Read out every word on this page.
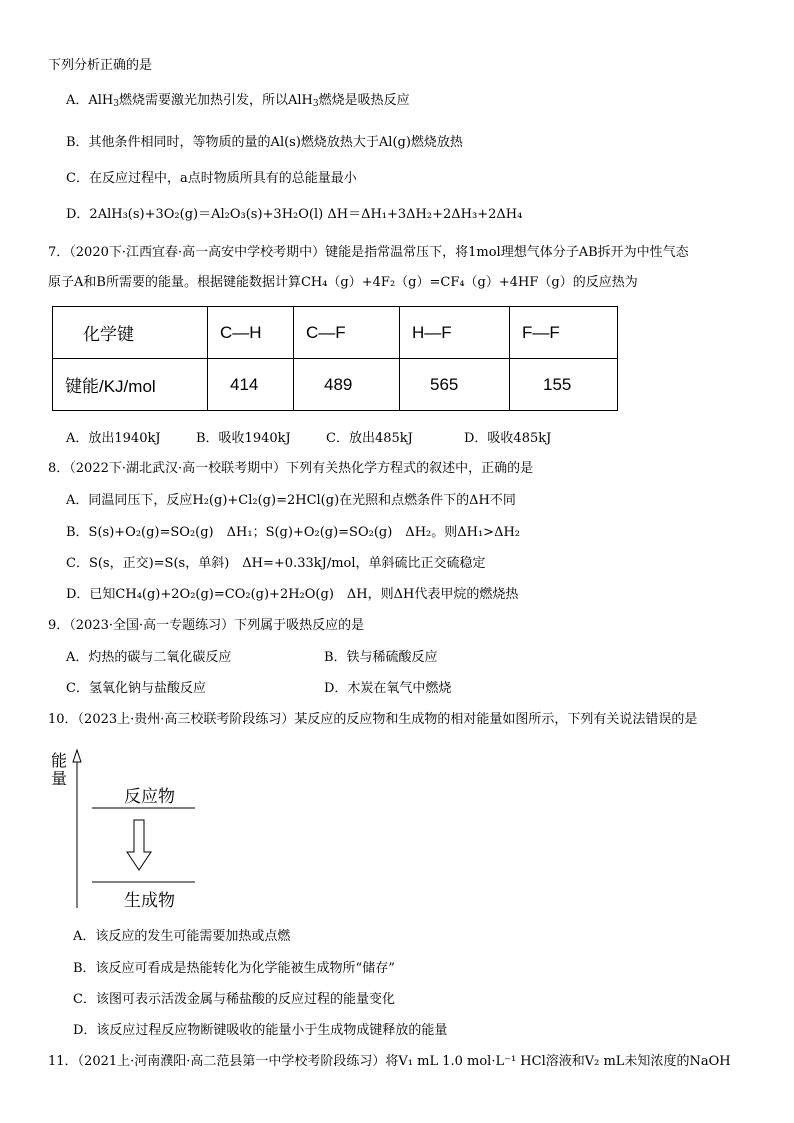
下列分析正确的是
A．AlH$_3$燃烧需要激光加热引发，所以AlH$_3$燃烧是吸热反应
B．其他条件相同时，等物质的量的Al(s)燃烧放热大于Al(g)燃烧放热
C．在反应过程中，a点时物质所具有的总能量最小
D．2AlH₃(s)+3O₂(g)＝Al₂O₃(s)+3H₂O(l) ΔH＝ΔH₁+3ΔH₂+2ΔH₃+2ΔH₄
7．（2020下·江西宜春·高一高安中学校考期中）键能是指常温常压下，将1mol理想气体分子AB拆开为中性气态
原子A和B所需要的能量。根据键能数据计算CH₄（g）+4F₂（g）=CF₄（g）+4HF（g）的反应热为
化学键	C—H	C—F	H—F	F—F
键能/KJ/mol	414	489	565	155
A．放出1940kJ	B．吸收1940kJ	C．放出485kJ	D．吸收485kJ
8．（2022下·湖北武汉·高一校联考期中）下列有关热化学方程式的叙述中，正确的是
A．同温同压下，反应H₂(g)+Cl₂(g)=2HCl(g)在光照和点燃条件下的ΔH不同
B．S(s)+O₂(g)=SO₂(g)　ΔH₁；S(g)+O₂(g)=SO₂(g)　ΔH₂。则ΔH₁>ΔH₂
C．S(s，正交)=S(s，单斜)　ΔH=+0.33kJ/mol，单斜硫比正交硫稳定
D．已知CH₄(g)+2O₂(g)=CO₂(g)+2H₂O(g)　ΔH，则ΔH代表甲烷的燃烧热
9．（2023·全国·高一专题练习）下列属于吸热反应的是
A．灼热的碳与二氧化碳反应	B．铁与稀硫酸反应
C．氢氧化钠与盐酸反应	D．木炭在氧气中燃烧
10．（2023上·贵州·高三校联考阶段练习）某反应的反应物和生成物的相对能量如图所示，下列有关说法错误的是
能量
反应物
生成物
A．该反应的发生可能需要加热或点燃
B．该反应可看成是热能转化为化学能被生成物所“储存”
C．该图可表示活泼金属与稀盐酸的反应过程的能量变化
D．该反应过程反应物断键吸收的能量小于生成物成键释放的能量
11．（2021上·河南濮阳·高二范县第一中学校考阶段练习）将V₁ mL 1.0 mol·L⁻¹ HCl溶液和V₂ mL未知浓度的NaOH
